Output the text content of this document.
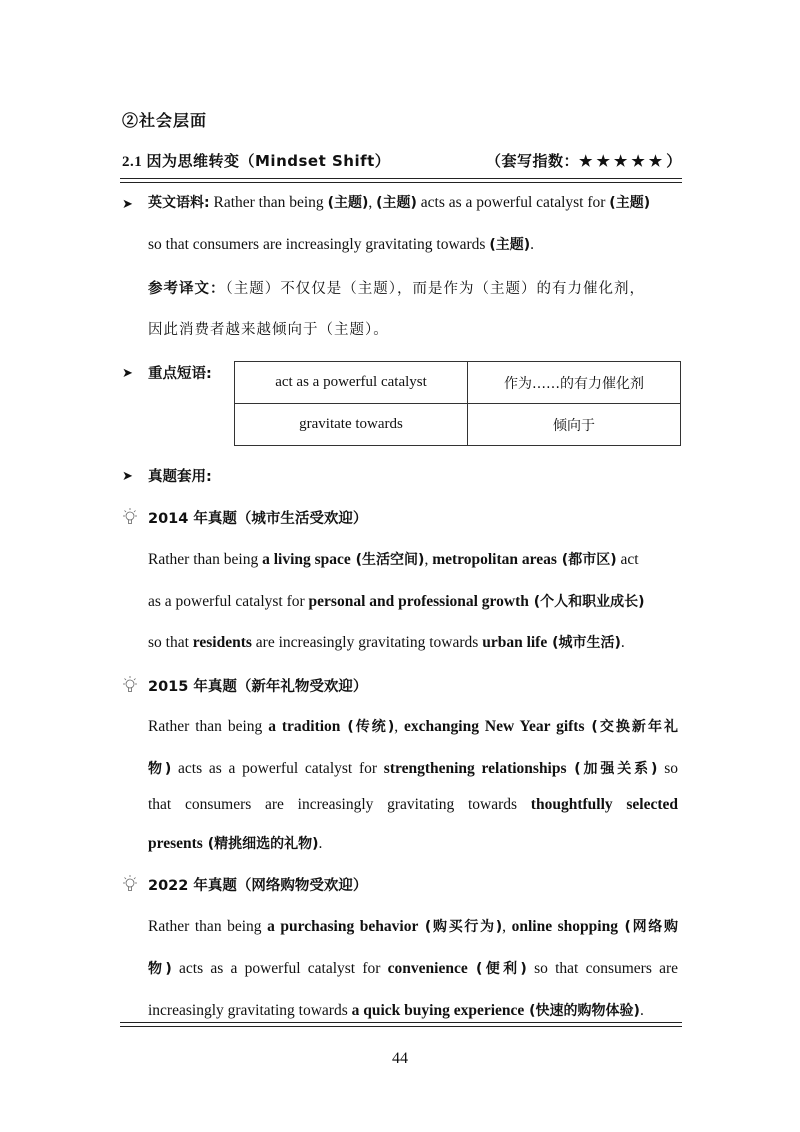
②社会层面
2.1 因为思维转变（Mindset Shift）	（套写指数：★★★★★）
➤ 英文语料: Rather than being (主题), (主题) acts as a powerful catalyst for (主题)
so that consumers are increasingly gravitating towards (主题).
参考译文：（主题）不仅仅是（主题），而是作为（主题）的有力催化剂，
因此消费者越来越倾向于（主题）。
➤ 重点短语:	act as a powerful catalyst	作为……的有力催化剂
gravitate towards	倾向于
➤ 真题套用:
2014 年真题（城市生活受欢迎）
Rather than being a living space (生活空间), metropolitan areas (都市区) act
as a powerful catalyst for personal and professional growth (个人和职业成长)
so that residents are increasingly gravitating towards urban life (城市生活).
2015 年真题（新年礼物受欢迎）
Rather than being a tradition (传统), exchanging New Year gifts (交换新年礼
物) acts as a powerful catalyst for strengthening relationships (加强关系) so
that consumers are increasingly gravitating towards thoughtfully selected
presents (精挑细选的礼物).
2022 年真题（网络购物受欢迎）
Rather than being a purchasing behavior (购买行为), online shopping (网络购
物) acts as a powerful catalyst for convenience (便利) so that consumers are
increasingly gravitating towards a quick buying experience (快速的购物体验).
44
